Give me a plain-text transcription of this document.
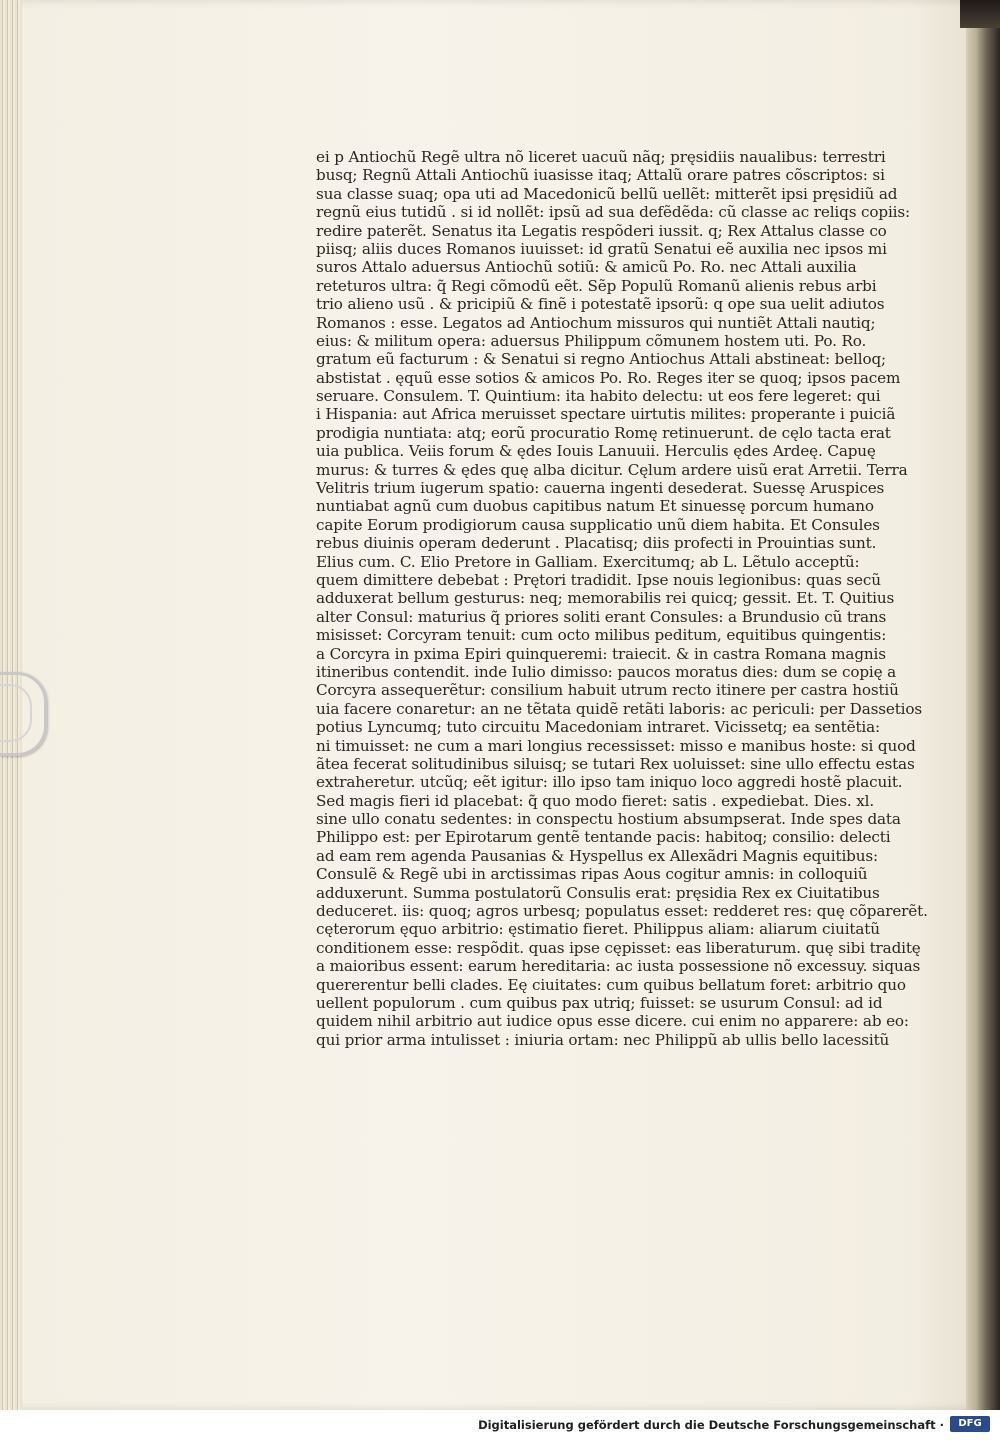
ei p Antiochũ Regẽ ultra nõ liceret uacuũ nãq; pręsidiis naualibus: terrestri
busq; Regnũ Attali Antiochũ iuasisse itaq; Attalũ orare patres cõscriptos: si
sua classe suaq; opa uti ad Macedonicũ bellũ uellẽt: mitterẽt ipsi pręsidiũ ad
regnũ eius tutidũ . si id nollẽt: ipsũ ad sua defẽdẽda: cũ classe ac reliqs copiis:
redire paterẽt. Senatus ita Legatis respõderi iussit. q; Rex Attalus classe co
piisq; aliis duces Romanos iuuisset: id gratũ Senatui eẽ auxilia nec ipsos mi
suros Attalo aduersus Antiochũ sotiũ: & amicũ Po. Ro. nec Attali auxilia
reteturos ultra: q̃ Regi cõmodũ eẽt. Sẽp Populũ Romanũ alienis rebus arbi
trio alieno usũ . & pricipiũ & finẽ i potestatẽ ipsorũ: q ope sua uelit adiutos
Romanos : esse. Legatos ad Antiochum missuros qui nuntiẽt Attali nautiq;
eius: & militum opera: aduersus Philippum cõmunem hostem uti. Po. Ro.
gratum eũ facturum : & Senatui si regno Antiochus Attali abstineat: belloq;
abstistat . ęquũ esse sotios & amicos Po. Ro. Reges iter se quoq; ipsos pacem
seruare. Consulem. T. Quintium: ita habito delectu: ut eos fere legeret: qui
i Hispania: aut Africa meruisset spectare uirtutis milites: properante i puiciã
prodigia nuntiata: atq; eorũ procuratio Romę retinuerunt. de cęlo tacta erat
uia publica. Veiis forum & ędes Iouis Lanuuii. Herculis ędes Ardeę. Capuę
murus: & turres & ędes quę alba dicitur. Cęlum ardere uisũ erat Arretii. Terra
Velitris trium iugerum spatio: cauerna ingenti desederat. Suessę Aruspices
nuntiabat agnũ cum duobus capitibus natum Et sinuessę porcum humano
capite Eorum prodigiorum causa supplicatio unũ diem habita. Et Consules
rebus diuinis operam dederunt . Placatisq; diis profecti in Prouintias sunt.
Elius cum. C. Elio Pretore in Galliam. Exercitumq; ab L. Lẽtulo acceptũ:
quem dimittere debebat : Prętori tradidit. Ipse nouis legionibus: quas secũ
adduxerat bellum gesturus: neq; memorabilis rei quicq; gessit. Et. T. Quitius
alter Consul: maturius q̃ priores soliti erant Consules: a Brundusio cũ trans
misisset: Corcyram tenuit: cum octo milibus peditum, equitibus quingentis:
a Corcyra in pxima Epiri quinqueremi: traiecit. & in castra Romana magnis
itineribus contendit. inde Iulio dimisso: paucos moratus dies: dum se copię a
Corcyra assequerẽtur: consilium habuit utrum recto itinere per castra hostiũ
uia facere conaretur: an ne tẽtata quidẽ retãti laboris: ac periculi: per Dassetios
potius Lyncumq; tuto circuitu Macedoniam intraret. Vicissetq; ea sentẽtia:
ni timuisset: ne cum a mari longius recessisset: misso e manibus hoste: si quod
ãtea fecerat solitudinibus siluisq; se tutari Rex uoluisset: sine ullo effectu estas
extraheretur. utcũq; eẽt igitur: illo ipso tam iniquo loco aggredi hostẽ placuit.
Sed magis fieri id placebat: q̃ quo modo fieret: satis . expediebat. Dies. xl.
sine ullo conatu sedentes: in conspectu hostium absumpserat. Inde spes data
Philippo est: per Epirotarum gentẽ tentande pacis: habitoq; consilio: delecti
ad eam rem agenda Pausanias & Hyspellus ex Allexãdri Magnis equitibus:
Consulẽ & Regẽ ubi in arctissimas ripas Aous cogitur amnis: in colloquiũ
adduxerunt. Summa postulatorũ Consulis erat: pręsidia Rex ex Ciuitatibus
deduceret. iis: quoq; agros urbesq; populatus esset: redderet res: quę cõparerẽt.
cęterorum ęquo arbitrio: ęstimatio fieret. Philippus aliam: aliarum ciuitatũ
conditionem esse: respõdit. quas ipse cępisset: eas liberaturum. quę sibi traditę
a maioribus essent: earum hereditaria: ac iusta possessione nõ excessuy. siquas
quererentur belli clades. Eę ciuitates: cum quibus bellatum foret: arbitrio quo
uellent populorum . cum quibus pax utriq; fuisset: se usurum Consul: ad id
quidem nihil arbitrio aut iudice opus esse dicere. cui enim no apparere: ab eo:
qui prior arma intulisset : iniuria ortam: nec Philippũ ab ullis bello lacessitũ
Digitalisierung gefördert durch die Deutsche Forschungsgemeinschaft ·	DFG
